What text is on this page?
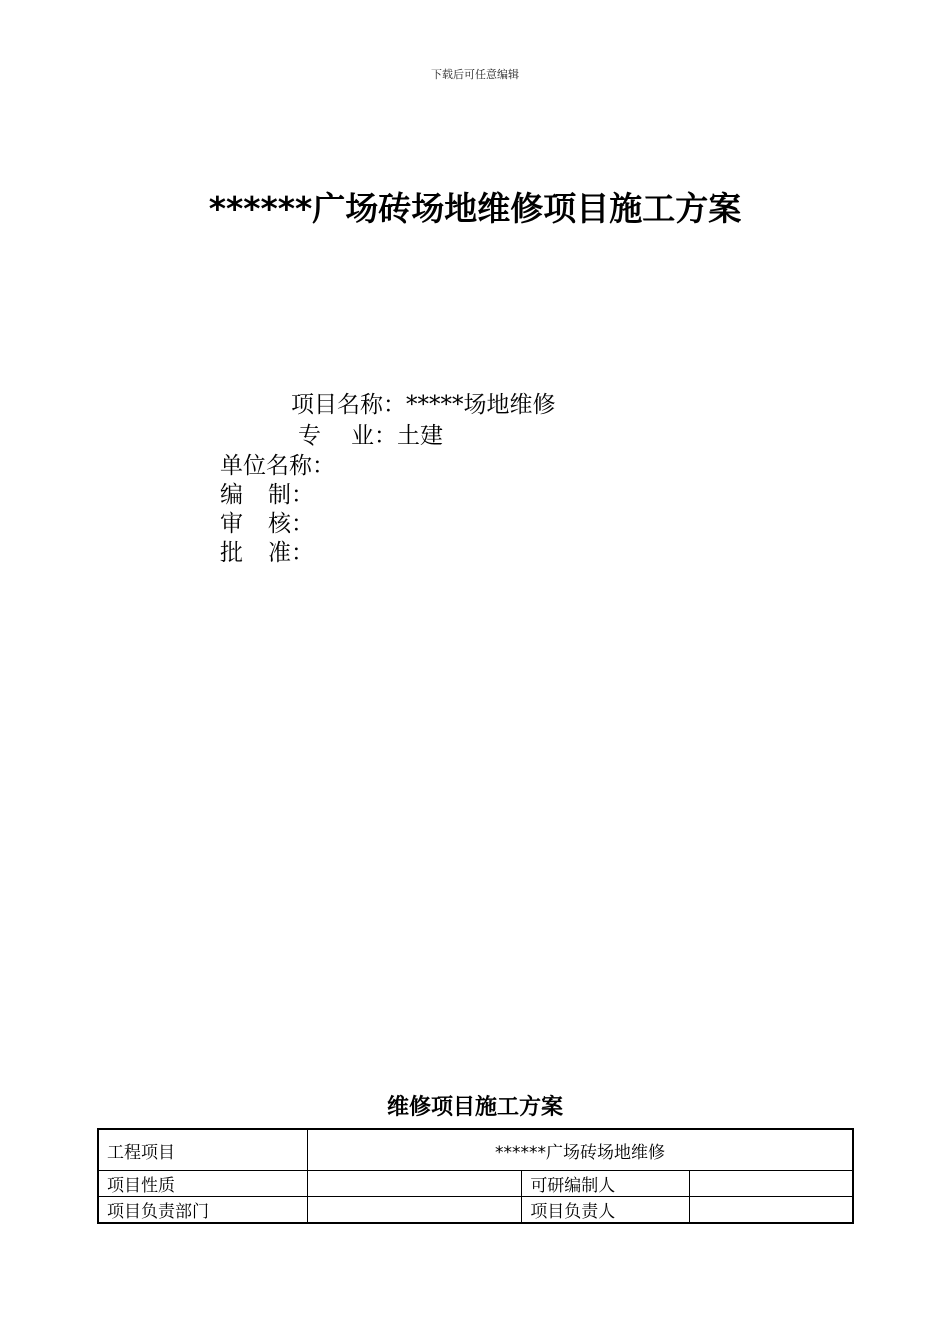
下载后可任意编辑
******广场砖场地维修项目施工方案
项目名称：*****场地维修
专 业：土建
单位名称：
编 制：
审 核：
批 准：
维修项目施工方案
工程项目	******广场砖场地维修		
项目性质		可研编制人	
项目负责部门		项目负责人	
